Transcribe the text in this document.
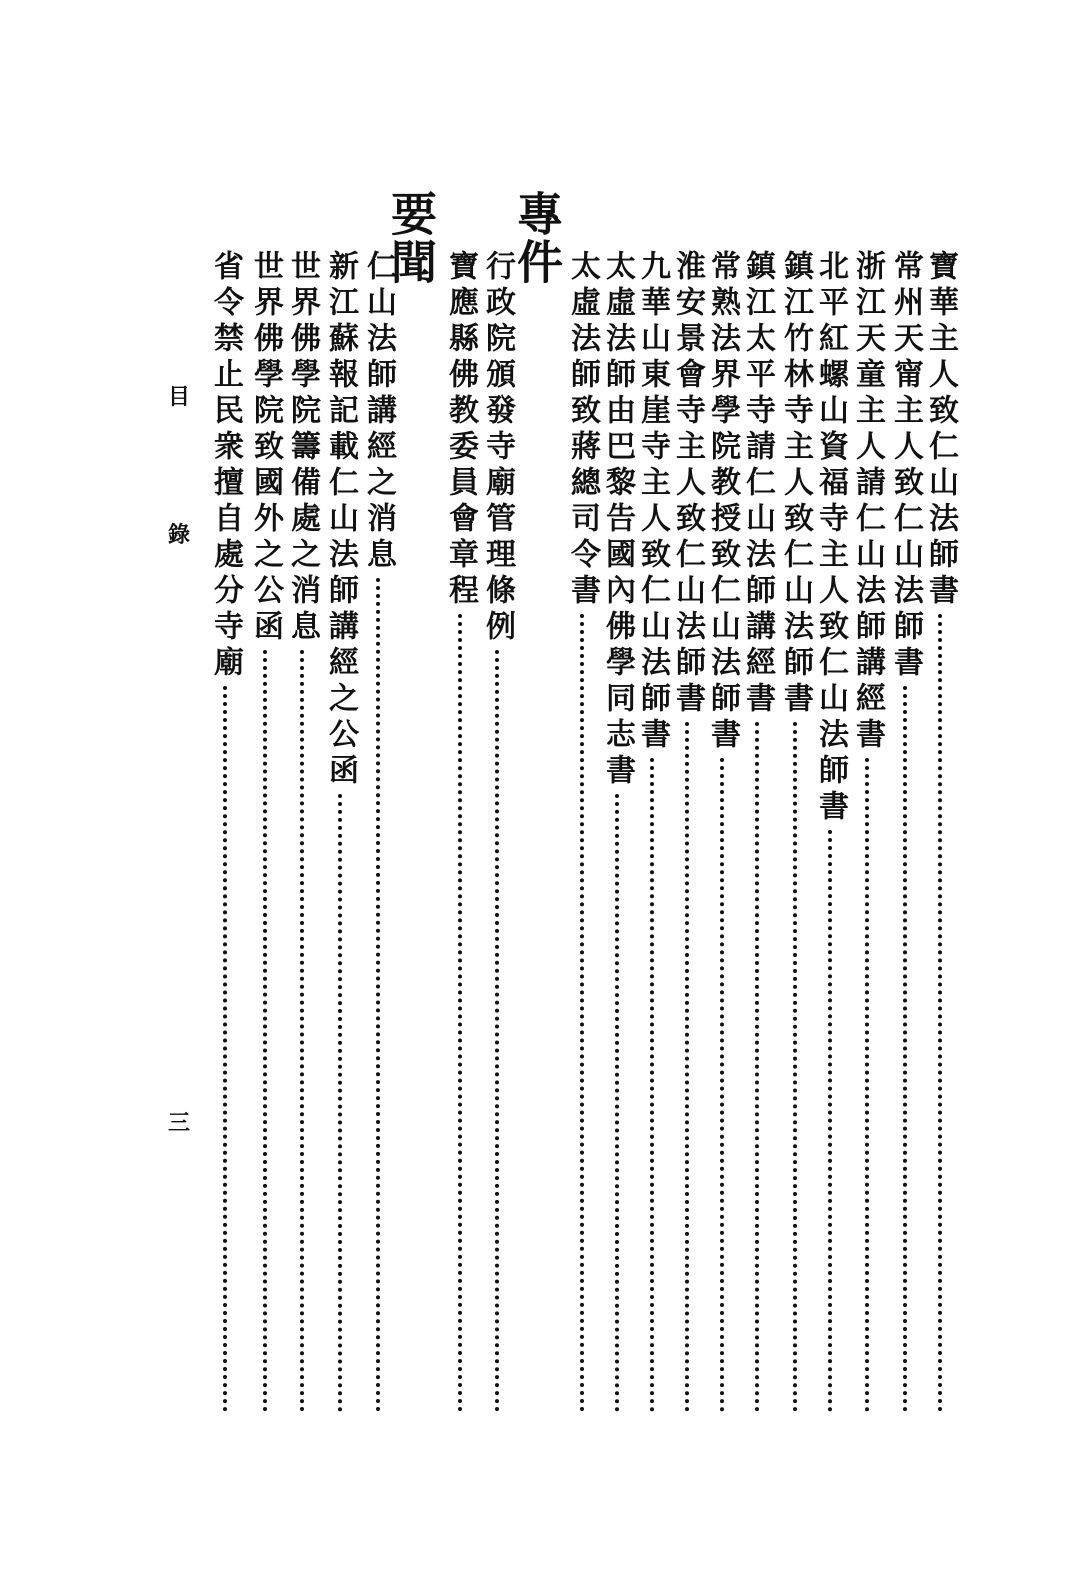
寶華主人致仁山法師書
常州天甯主人致仁山法師書
浙江天童主人請仁山法師講經書
北平紅螺山資福寺主人致仁山法師書
鎮江竹林寺主人致仁山法師書
鎮江太平寺請仁山法師講經書
常熟法界學院教授致仁山法師書
淮安景會寺主人致仁山法師書
九華山東崖寺主人致仁山法師書
太虛法師由巴黎告國內佛學同志書
太虛法師致蔣總司令書
專件
行政院頒發寺廟管理條例
寶應縣佛教委員會章程
要聞
仁山法師講經之消息
新江蘇報記載仁山法師講經之公函
世界佛學院籌備處之消息
世界佛學院致國外之公函
省令禁止民衆擅自處分寺廟
目
錄
三
